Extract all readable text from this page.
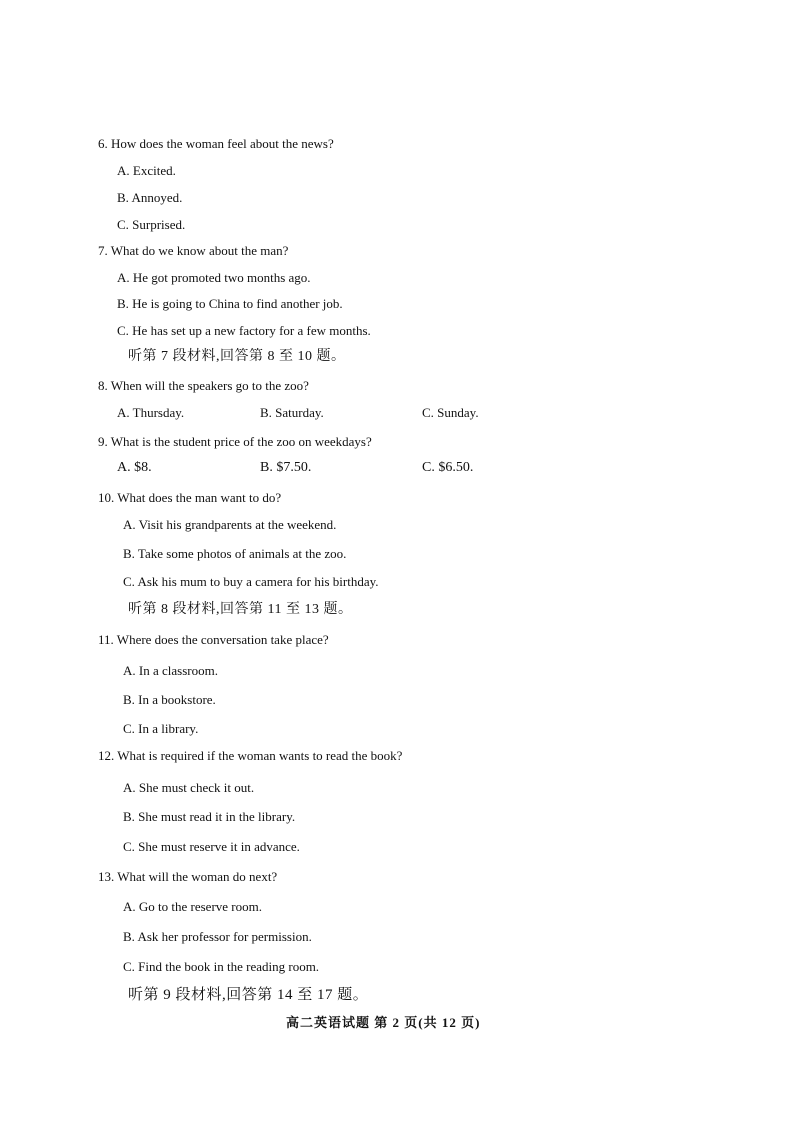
6. How does the woman feel about the news?
A. Excited.
B. Annoyed.
C. Surprised.
7. What do we know about the man?
A. He got promoted two months ago.
B. He is going to China to find another job.
C. He has set up a new factory for a few months.
听第 7 段材料,回答第 8 至 10 题。
8. When will the speakers go to the zoo?
A. Thursday.	B. Saturday.	C. Sunday.
9. What is the student price of the zoo on weekdays?
A. $8.	B. $7.50.	C. $6.50.
10. What does the man want to do?
A. Visit his grandparents at the weekend.
B. Take some photos of animals at the zoo.
C. Ask his mum to buy a camera for his birthday.
听第 8 段材料,回答第 11 至 13 题。
11. Where does the conversation take place?
A. In a classroom.
B. In a bookstore.
C. In a library.
12. What is required if the woman wants to read the book?
A. She must check it out.
B. She must read it in the library.
C. She must reserve it in advance.
13. What will the woman do next?
A. Go to the reserve room.
B. Ask her professor for permission.
C. Find the book in the reading room.
听第 9 段材料,回答第 14 至 17 题。
高二英语试题 第 2 页(共 12 页)
